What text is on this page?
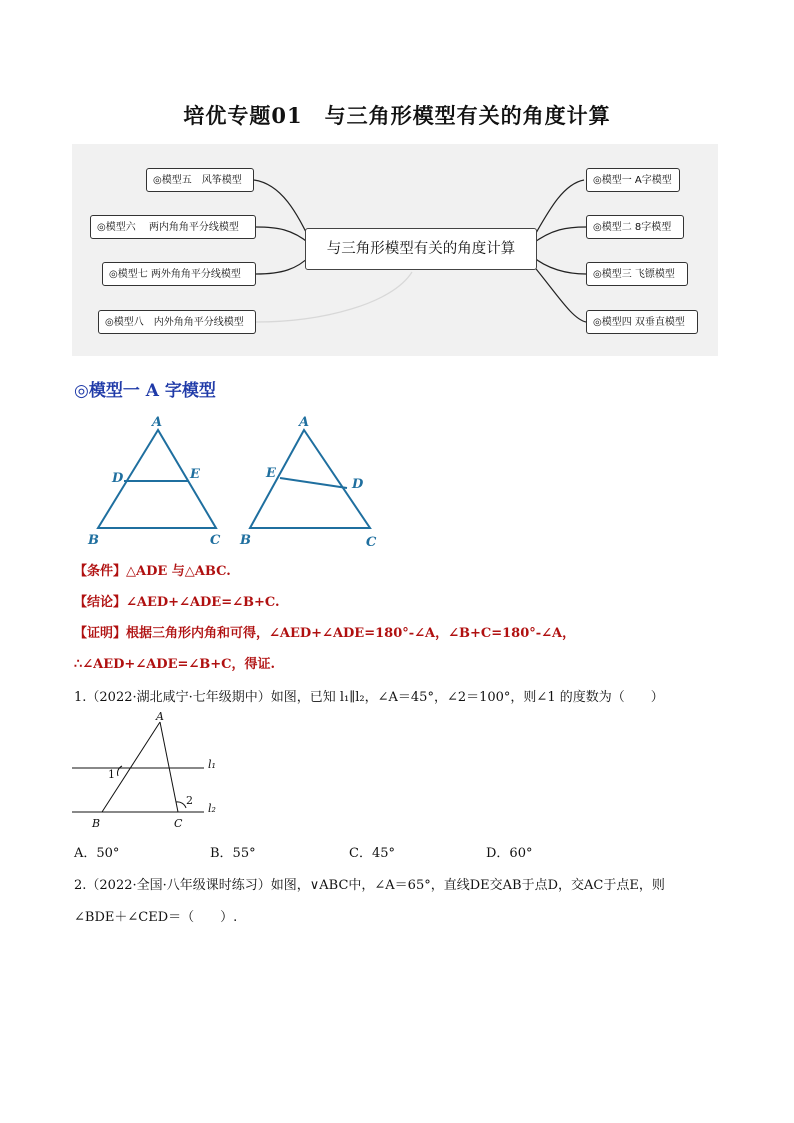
培优专题01　与三角形模型有关的角度计算
◎模型五　风筝模型
◎模型六　 两内角角平分线模型
◎模型七 两外角角平分线模型
◎模型八　内外角角平分线模型
与三角形模型有关的角度计算
◎模型一 A字模型
◎模型二 8字模型
◎模型三 飞镖模型
◎模型四 双垂直模型
◎模型一 A 字模型
A
D	E
B	C
A
E
D
B	C
【条件】△ADE 与△ABC.
【结论】∠AED+∠ADE=∠B+C.
【证明】根据三角形内角和可得，∠AED+∠ADE=180°-∠A，∠B+C=180°-∠A，
∴∠AED+∠ADE=∠B+C，得证.
1.（2022·湖北咸宁·七年级期中）如图，已知 l₁∥l₂，∠A＝45°，∠2＝100°，则∠1 的度数为（　　）
A
B	C
l₁
l₂
1
2
A．50°	B．55°	C．45°	D．60°
2.（2022·全国·八年级课时练习）如图，∨ABC中，∠A＝65°，直线DE交AB于点D，交AC于点E，则
∠BDE＋∠CED＝（　　）.
